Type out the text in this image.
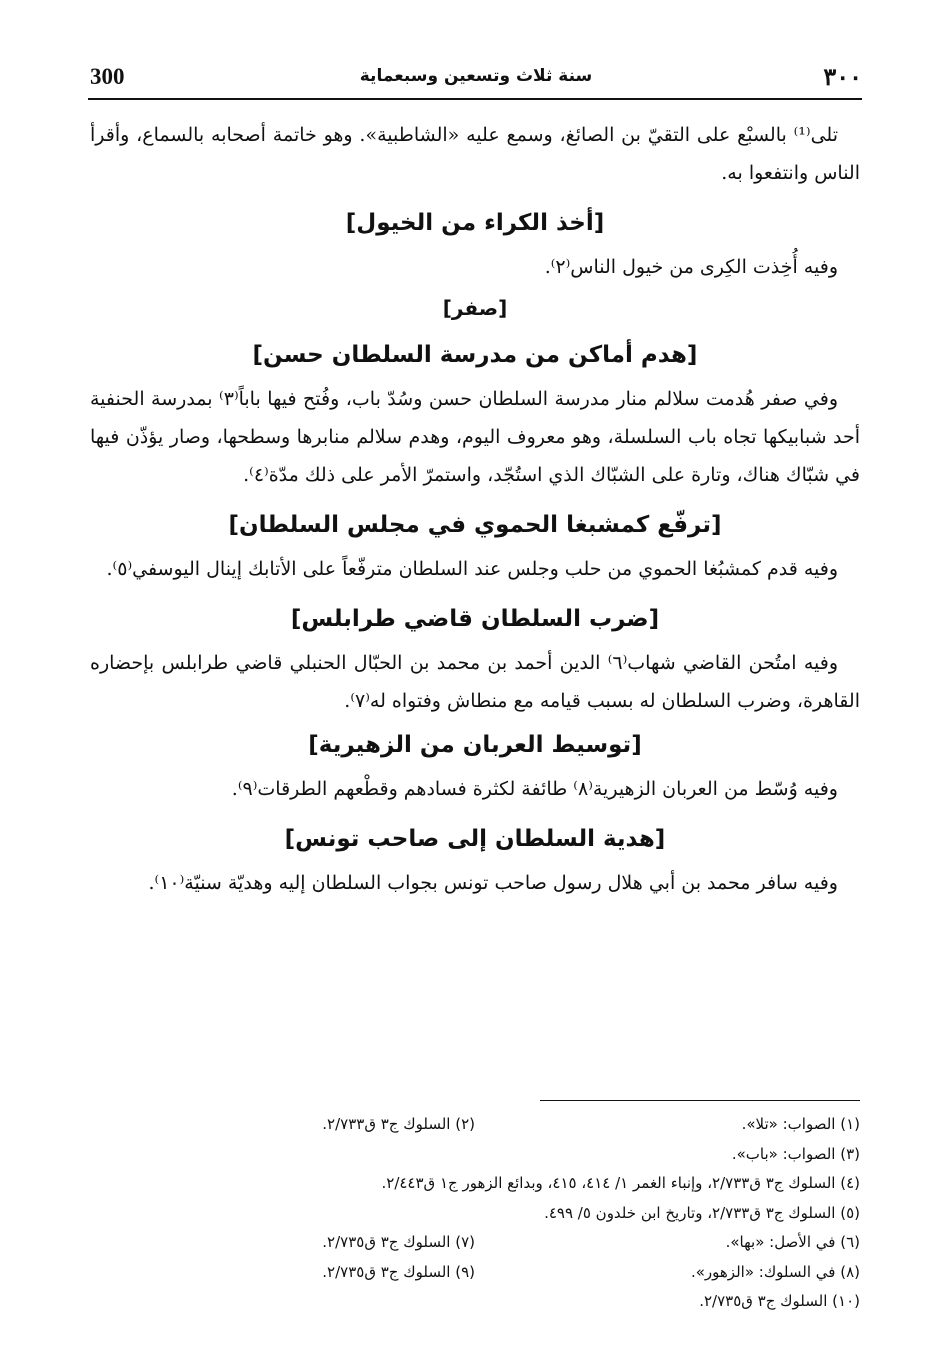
٣٠٠
سنة ثلاث وتسعين وسبعماية
300

تلى⁽¹⁾ بالسبْع على التقيّ بن الصائغ، وسمع عليه «الشاطبية». وهو خاتمة أصحابه بالسماع، وأقرأ الناس وانتفعوا به.

[أخذ الكراء من الخيول]

وفيه أُخِذت الكِرى من خيول الناس⁽٢⁾.

[صفر]

[هدم أماكن من مدرسة السلطان حسن]

وفي صفر هُدمت سلالم منار مدرسة السلطان حسن وسُدّ باب، وفُتح فيها باباً⁽٣⁾ بمدرسة الحنفية أحد شبابيكها تجاه باب السلسلة، وهو معروف اليوم، وهدم سلالم منابرها وسطحها، وصار يؤذّن فيها في شبّاك هناك، وتارة على الشبّاك الذي استُجّد، واستمرّ الأمر على ذلك مدّة⁽٤⁾.

[ترفّع كمشبغا الحموي في مجلس السلطان]

وفيه قدم كمشبُغا الحموي من حلب وجلس عند السلطان مترفّعاً على الأتابك إينال اليوسفي⁽٥⁾.

[ضرب السلطان قاضي طرابلس]

وفيه امتُحن القاضي شهاب⁽٦⁾ الدين أحمد بن محمد بن الحبّال الحنبلي قاضي طرابلس بإحضاره القاهرة، وضرب السلطان له بسبب قيامه مع منطاش وفتواه له⁽٧⁾.

[توسيط العربان من الزهيرية]

وفيه وُسّط من العربان الزهيرية⁽٨⁾ طائفة لكثرة فسادهم وقطْعهم الطرقات⁽٩⁾.

[هدية السلطان إلى صاحب تونس]

وفيه سافر محمد بن أبي هلال رسول صاحب تونس بجواب السلطان إليه وهديّة سنيّة⁽١٠⁾.

(١) الصواب: «تلا».
(٢) السلوك ج٣ ق٢/٧٣٣.
(٣) الصواب: «باب».
(٤) السلوك ج٣ ق٢/٧٣٣، وإنباء الغمر ١/ ٤١٤، ٤١٥، وبدائع الزهور ج١ ق٢/٤٤٣.
(٥) السلوك ج٣ ق٢/٧٣٣، وتاريخ ابن خلدون ٥/ ٤٩٩.
(٦) في الأصل: «بها».
(٧) السلوك ج٣ ق٢/٧٣٥.
(٨) في السلوك: «الزهور».
(٩) السلوك ج٣ ق٢/٧٣٥.
(١٠) السلوك ج٣ ق٢/٧٣٥.
